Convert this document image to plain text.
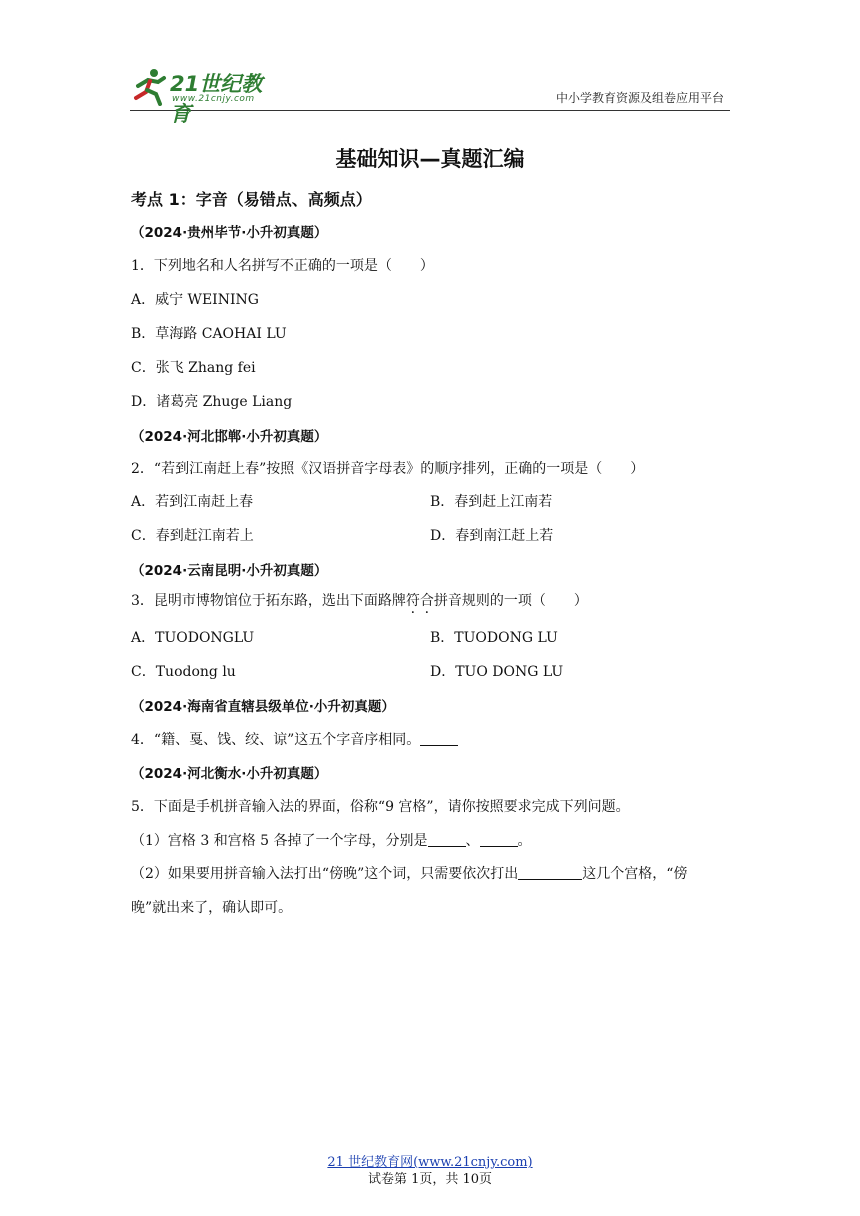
21世纪教育
www.21cnjy.com	中小学教育资源及组卷应用平台
基础知识—真题汇编
考点 1：字音（易错点、高频点）
（2024·贵州毕节·小升初真题）
1．下列地名和人名拼写不正确的一项是（　　）
A．威宁 WEINING
B．草海路 CAOHAI LU
C．张飞 Zhang fei
D．诸葛亮 Zhuge Liang
（2024·河北邯郸·小升初真题）
2．“若到江南赶上春”按照《汉语拼音字母表》的顺序排列，正确的一项是（　　）
A．若到江南赶上春	B．春到赶上江南若
C．春到赶江南若上	D．春到南江赶上若
（2024·云南昆明·小升初真题）
3．昆明市博物馆位于拓东路，选出下面路牌符合拼音规则的一项（　　）
A．TUODONGLU	B．TUODONG LU
C．Tuodong lu	D．TUO DONG LU
（2024·海南省直辖县级单位·小升初真题）
4．“籍、戛、饯、绞、谅”这五个字音序相同。
（2024·河北衡水·小升初真题）
5．下面是手机拼音输入法的界面，俗称“9 宫格”，请你按照要求完成下列问题。
（1）宫格 3 和宫格 5 各掉了一个字母，分别是	、	。
（2）如果要用拼音输入法打出“傍晚”这个词，只需要依次打出	这几个宫格，“傍
晚”就出来了，确认即可。
21 世纪教育网(www.21cnjy.com)
试卷第 1页，共 10页
